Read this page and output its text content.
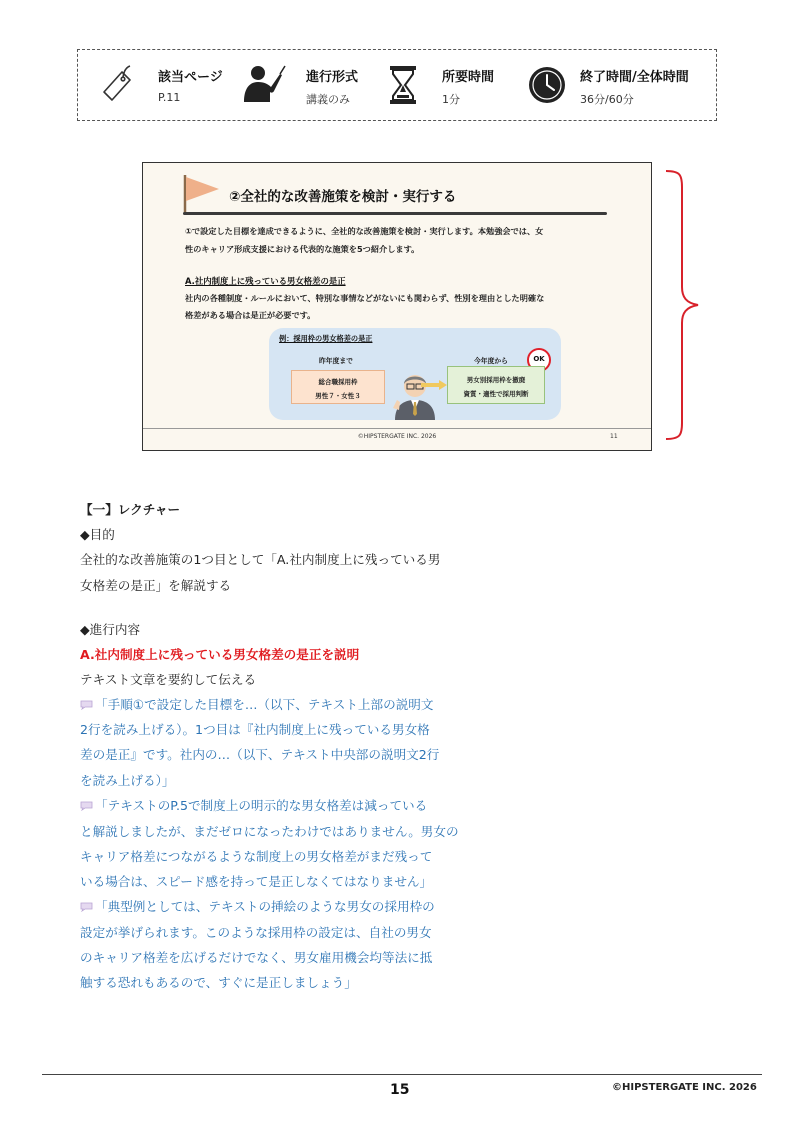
該当ページ
P.11
進行形式
講義のみ
所要時間
1分
終了時間/全体時間
36分/60分
②全社的な改善施策を検討・実行する
①で設定した目標を達成できるように、全社的な改善施策を検討・実行します。本勉強会では、女
性のキャリア形成支援における代表的な施策を5つ紹介します。
A.社内制度上に残っている男女格差の是正
社内の各種制度・ルールにおいて、特別な事情などがないにも関わらず、性別を理由とした明確な
格差がある場合は是正が必要です。
例：採用枠の男女格差の是正
昨年度まで
総合職採用枠
男性７・女性３
今年度から	OK
男女別採用枠を撤廃
資質・適性で採用判断
©HIPSTERGATE INC. 2026	11
【一】レクチャー
◆目的
全社的な改善施策の1つ目として「A.社内制度上に残っている男
女格差の是正」を解説する
◆進行内容
A.社内制度上に残っている男女格差の是正を説明
テキスト文章を要約して伝える
「手順①で設定した目標を…（以下、テキスト上部の説明文
2行を読み上げる）。1つ目は『社内制度上に残っている男女格
差の是正』です。社内の…（以下、テキスト中央部の説明文2行
を読み上げる）」
「テキストのP.5で制度上の明示的な男女格差は減っている
と解説しましたが、まだゼロになったわけではありません。男女の
キャリア格差につながるような制度上の男女格差がまだ残って
いる場合は、スピード感を持って是正しなくてはなりません」
「典型例としては、テキストの挿絵のような男女の採用枠の
設定が挙げられます。このような採用枠の設定は、自社の男女
のキャリア格差を広げるだけでなく、男女雇用機会均等法に抵
触する恐れもあるので、すぐに是正しましょう」
15	©HIPSTERGATE INC. 2026
